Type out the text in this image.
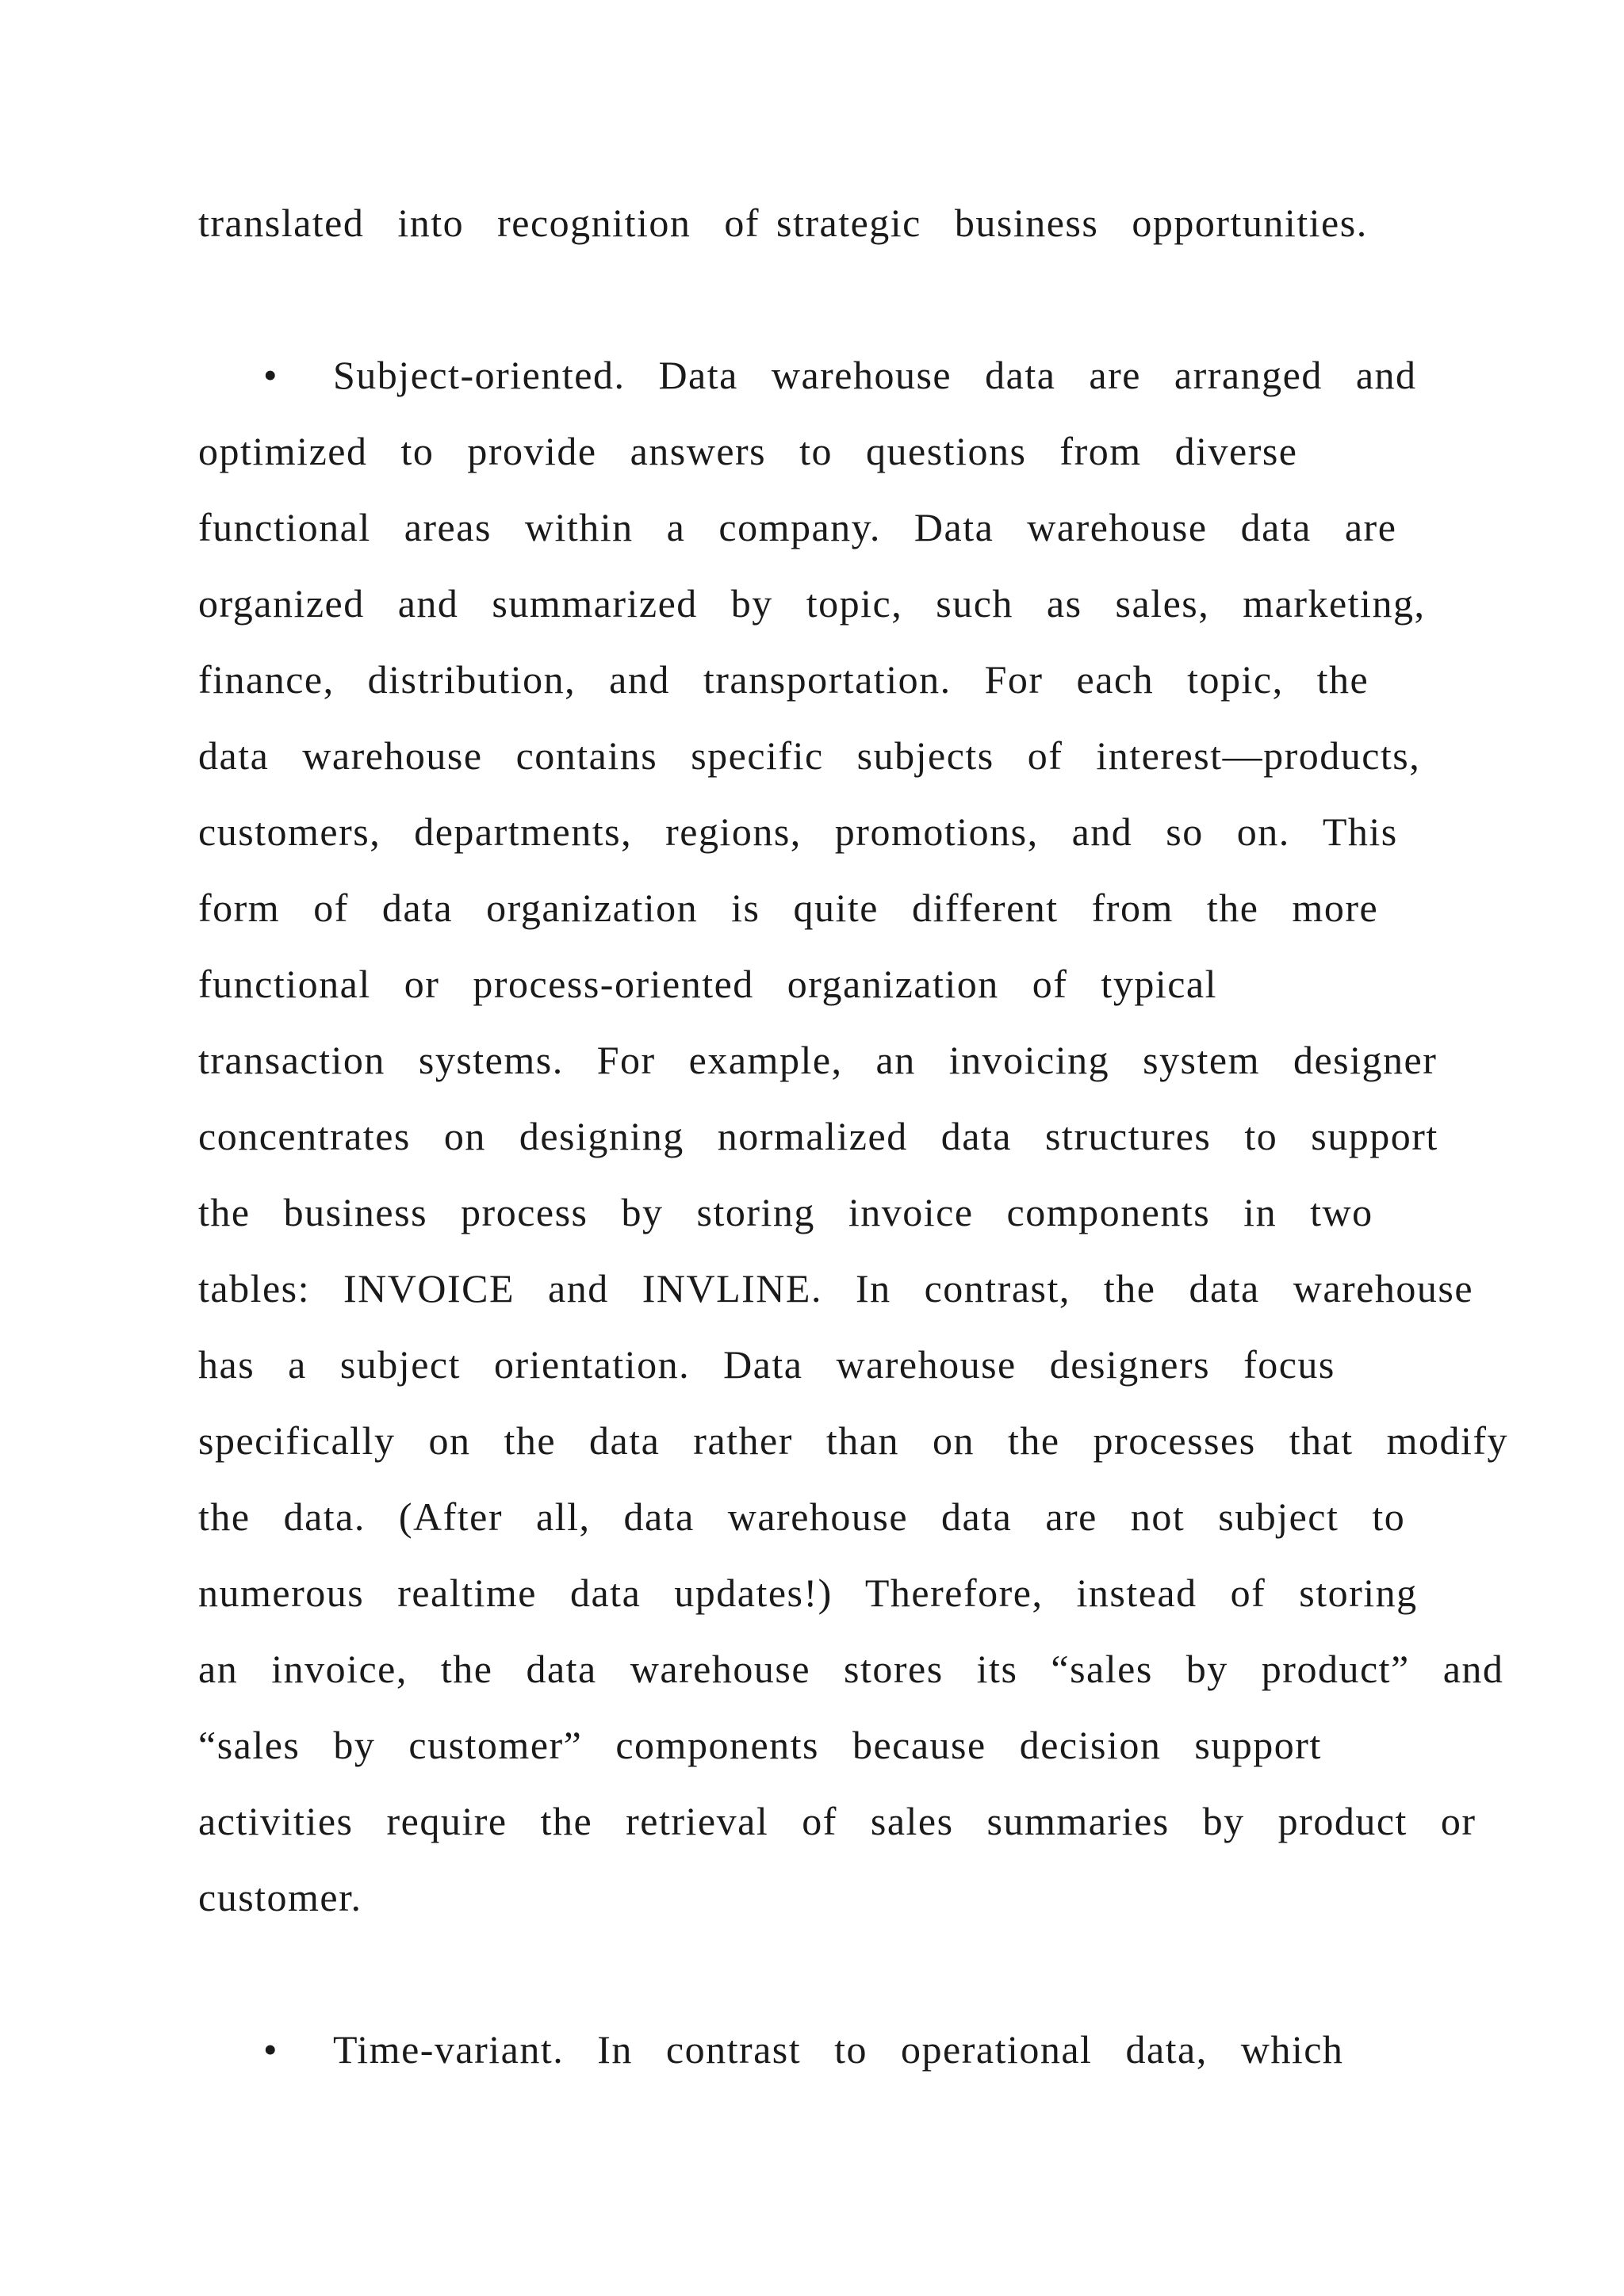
translated  into  recognition  of strategic  business  opportunities.
• Subject-oriented.  Data  warehouse  data  are  arranged  and
optimized  to  provide  answers  to  questions  from  diverse
functional  areas  within  a  company.  Data  warehouse  data  are
organized  and  summarized  by  topic,  such  as  sales,  marketing,
finance,  distribution,  and  transportation.  For  each  topic,  the
data  warehouse  contains  specific  subjects  of  interest—products,
customers,  departments,  regions,  promotions,  and  so  on.  This
form  of  data  organization  is  quite  different  from  the  more
functional  or  process-oriented  organization  of  typical
transaction  systems.  For  example,  an  invoicing  system  designer
concentrates  on  designing  normalized  data  structures  to  support
the  business  process  by  storing  invoice  components  in  two
tables:  INVOICE  and  INVLINE.  In  contrast,  the  data  warehouse
has  a  subject  orientation.  Data  warehouse  designers  focus
specifically  on  the  data  rather  than  on  the  processes  that  modify
the  data.  (After  all,  data  warehouse  data  are  not  subject  to
numerous  realtime  data  updates!)  Therefore,  instead  of  storing
an  invoice,  the  data  warehouse  stores  its  “sales  by  product”  and
“sales  by  customer”  components  because  decision  support
activities  require  the  retrieval  of  sales  summaries  by  product  or
customer.
• Time-variant.  In  contrast  to  operational  data,  which
